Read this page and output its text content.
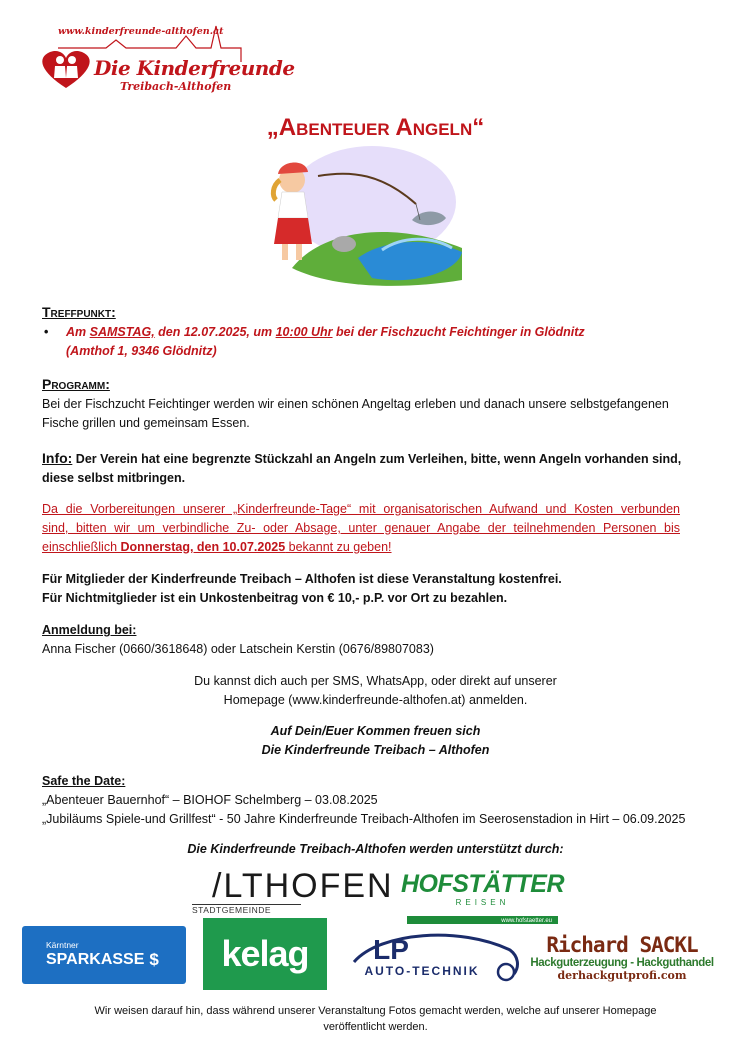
www.kinderfreunde-althofen.at
Die Kinderfreunde
Treibach-Althofen
„Abenteuer Angeln“
Treffpunkt:

• Am SAMSTAG, den 12.07.2025, um 10:00 Uhr bei der Fischzucht Feichtinger in Glödnitz

(Amthof 1, 9346 Glödnitz)

Programm:

Bei der Fischzucht Feichtinger werden wir einen schönen Angeltag erleben und danach unsere selbstgefangenen

Fische grillen und gemeinsam Essen.

Info: Der Verein hat eine begrenzte Stückzahl an Angeln zum Verleihen, bitte, wenn Angeln vorhanden sind,

diese selbst mitbringen.

Da die Vorbereitungen unserer „Kinderfreunde-Tage“ mit organisatorischen Aufwand und Kosten verbunden

sind, bitten wir um verbindliche Zu- oder Absage, unter genauer Angabe der teilnehmenden Personen bis

einschließlich Donnerstag, den 10.07.2025 bekannt zu geben!

Für Mitglieder der Kinderfreunde Treibach – Althofen ist diese Veranstaltung kostenfrei.

Für Nichtmitglieder ist ein Unkostenbeitrag von € 10,- p.P. vor Ort zu bezahlen.

Anmeldung bei:

Anna Fischer (0660/3618648) oder Latschein Kerstin (0676/89807083)

Du kannst dich auch per SMS, WhatsApp, oder direkt auf unserer

Homepage (www.kinderfreunde-althofen.at) anmelden.

Auf Dein/Euer Kommen freuen sich

Die Kinderfreunde Treibach – Althofen

Safe the Date:

„Abenteuer Bauernhof“ – BIOHOF Schelmberg – 03.08.2025

„Jubiläums Spiele-und Grillfest“ - 50 Jahre Kinderfreunde Treibach-Althofen im Seerosenstadion in Hirt – 06.09.2025

Die Kinderfreunde Treibach-Althofen werden unterstützt durch:
/LTHOFEN
STADTGEMEINDE
HOFSTÄTTER
REISEN
www.hofstaetter.eu
Kärntner
SPARKASSE $ kelag LP
AUTO-TECHNIK
Richard SACKL
Hackguterzeugung - Hackguthandel
derhackgutprofi.com

Wir weisen darauf hin, dass während unserer Veranstaltung Fotos gemacht werden, welche auf unserer Homepage

veröffentlicht werden.
